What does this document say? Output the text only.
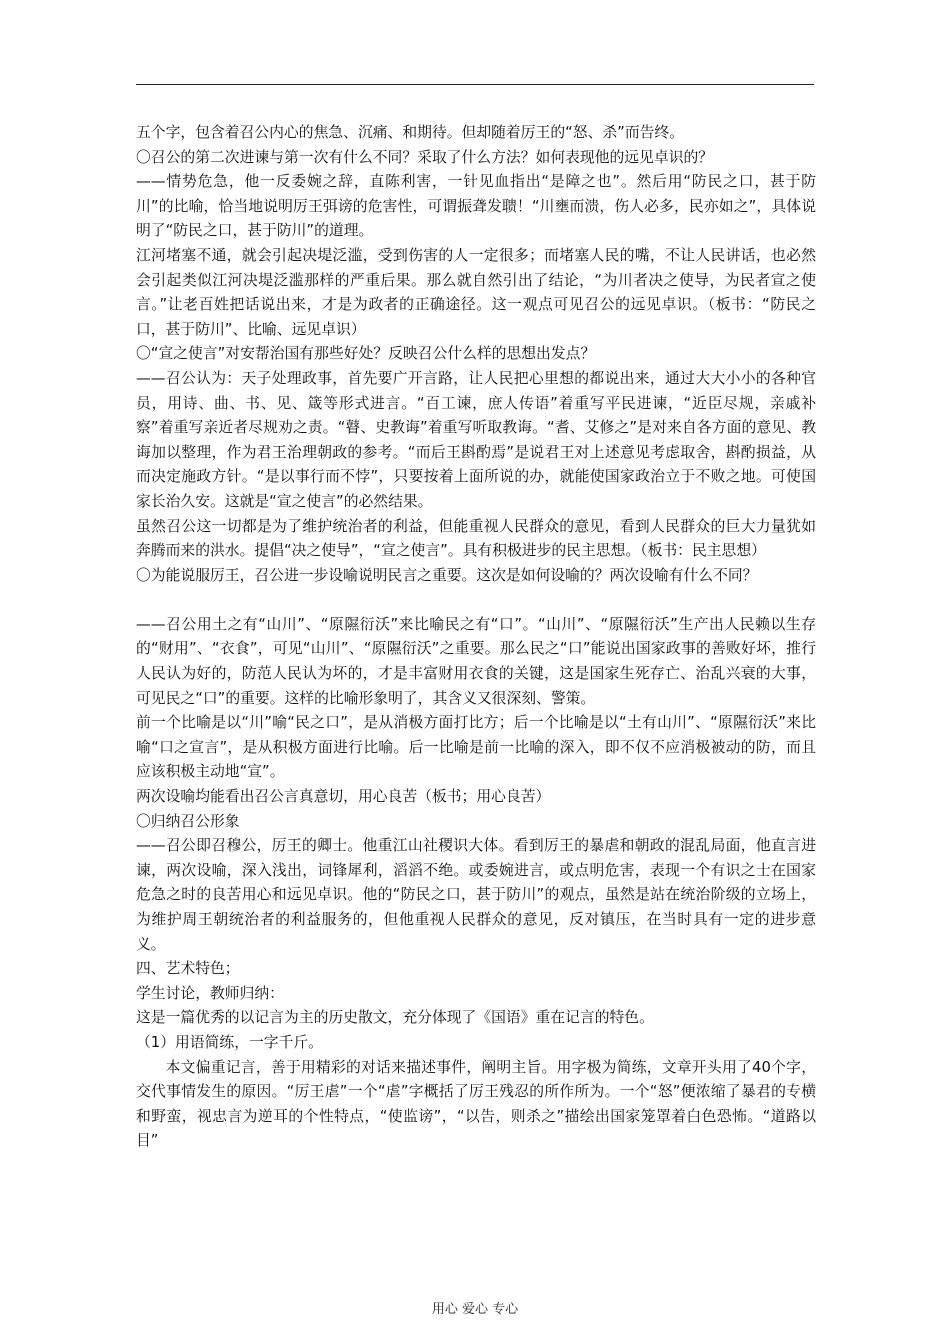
五个字，包含着召公内心的焦急、沉痛、和期待。但却随着厉王的“怒、杀”而告终。

〇召公的第二次进谏与第一次有什么不同？采取了什么方法？如何表现他的远见卓识的？

——情势危急，他一反委婉之辞，直陈利害，一针见血指出“是障之也”。然后用“防民之口，甚于防川”的比喻，恰当地说明厉王弭谤的危害性，可谓振聋发聩！“川壅而溃，伤人必多，民亦如之”，具体说明了“防民之口，甚于防川”的道理。

江河堵塞不通，就会引起决堤泛滥，受到伤害的人一定很多；而堵塞人民的嘴，不让人民讲话，也必然会引起类似江河决堤泛滥那样的严重后果。那么就自然引出了结论，“为川者决之使导，为民者宣之使言。”让老百姓把话说出来，才是为政者的正确途径。这一观点可见召公的远见卓识。（板书：“防民之口，甚于防川”、比喻、远见卓识）

〇“宣之使言”对安帮治国有那些好处？反映召公什么样的思想出发点？

——召公认为：天子处理政事，首先要广开言路，让人民把心里想的都说出来，通过大大小小的各种官员，用诗、曲、书、见、箴等形式进言。“百工谏，庶人传语”着重写平民进谏，“近臣尽规，亲戚补察”着重写亲近者尽规劝之责。“瞽、史教诲”着重写听取教诲。“耆、艾修之”是对来自各方面的意见、教诲加以整理，作为君王治理朝政的参考。“而后王斟酌焉”是说君王对上述意见考虑取舍，斟酌损益，从而决定施政方针。“是以事行而不悖”，只要按着上面所说的办，就能使国家政治立于不败之地。可使国家长治久安。这就是“宣之使言”的必然结果。

虽然召公这一切都是为了维护统治者的利益，但能重视人民群众的意见，看到人民群众的巨大力量犹如奔腾而来的洪水。提倡“决之使导”，“宣之使言”。具有积极进步的民主思想。（板书：民主思想）

〇为能说服厉王，召公进一步设喻说明民言之重要。这次是如何设喻的？两次设喻有什么不同？

——召公用土之有“山川”、“原隰衍沃”来比喻民之有“口”。“山川”、“原隰衍沃”生产出人民赖以生存的“财用”、“衣食”，可见“山川”、“原隰衍沃”之重要。那么民之“口”能说出国家政事的善败好坏，推行人民认为好的，防范人民认为坏的，才是丰富财用衣食的关键，这是国家生死存亡、治乱兴衰的大事，可见民之“口”的重要。这样的比喻形象明了，其含义又很深刻、警策。

前一个比喻是以“川”喻“民之口”，是从消极方面打比方；后一个比喻是以“土有山川”、“原隰衍沃”来比喻“口之宣言”，是从积极方面进行比喻。后一比喻是前一比喻的深入，即不仅不应消极被动的防，而且应该积极主动地“宣”。

两次设喻均能看出召公言真意切，用心良苦（板书；用心良苦）

〇归纳召公形象

——召公即召穆公，厉王的卿士。他重江山社稷识大体。看到厉王的暴虐和朝政的混乱局面，他直言进谏，两次设喻，深入浅出，词锋犀利，滔滔不绝。或委婉进言，或点明危害，表现一个有识之士在国家危急之时的良苦用心和远见卓识。他的“防民之口，甚于防川”的观点，虽然是站在统治阶级的立场上，为维护周王朝统治者的利益服务的，但他重视人民群众的意见，反对镇压，在当时具有一定的进步意义。

四、艺术特色；

学生讨论，教师归纳：

这是一篇优秀的以记言为主的历史散文，充分体现了《国语》重在记言的特色。

（1）用语简练，一字千斤。

本文偏重记言，善于用精彩的对话来描述事件，阐明主旨。用字极为简练，文章开头用了40个字，交代事情发生的原因。“厉王虐”一个“虐”字概括了厉王残忍的所作所为。一个“怒”便浓缩了暴君的专横和野蛮，视忠言为逆耳的个性特点，“使监谤”，“以告，则杀之”描绘出国家笼罩着白色恐怖。“道路以目”

用心 爱心 专心
